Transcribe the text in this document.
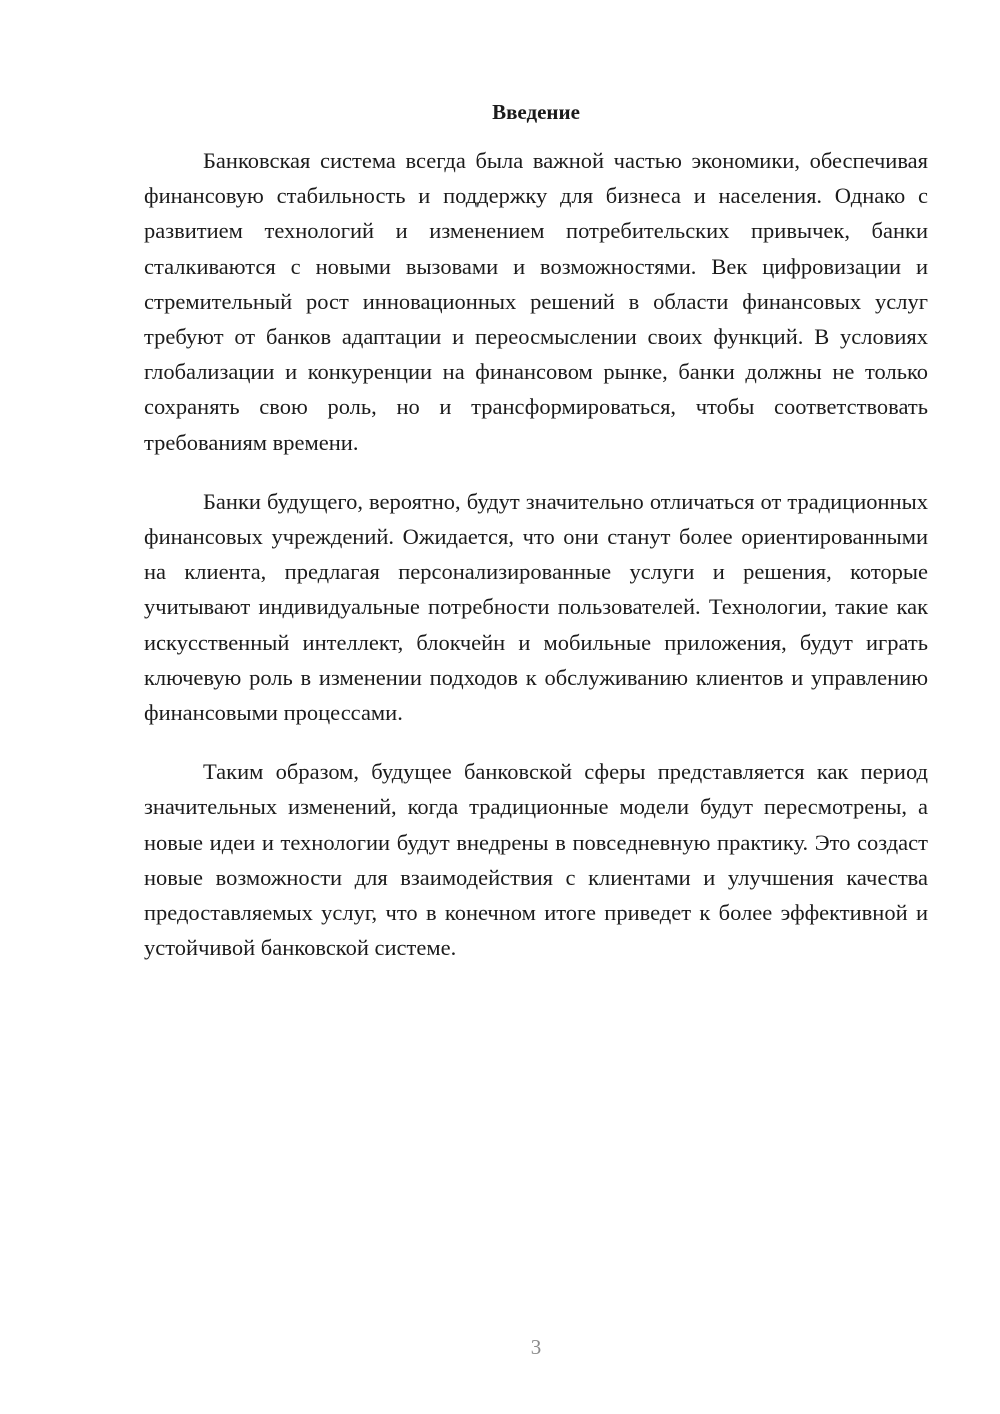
Введение

Банковская система всегда была важной частью экономики, обеспечивая финансовую стабильность и поддержку для бизнеса и населения. Однако с развитием технологий и изменением потребительских привычек, банки сталкиваются с новыми вызовами и возможностями. Век цифровизации и стремительный рост инновационных решений в области финансовых услуг требуют от банков адаптации и переосмыслении своих функций. В условиях глобализации и конкуренции на финансовом рынке, банки должны не только сохранять свою роль, но и трансформироваться, чтобы соответствовать требованиям времени.

Банки будущего, вероятно, будут значительно отличаться от традиционных финансовых учреждений. Ожидается, что они станут более ориентированными на клиента, предлагая персонализированные услуги и решения, которые учитывают индивидуальные потребности пользователей. Технологии, такие как искусственный интеллект, блокчейн и мобильные приложения, будут играть ключевую роль в изменении подходов к обслуживанию клиентов и управлению финансовыми процессами.

Таким образом, будущее банковской сферы представляется как период значительных изменений, когда традиционные модели будут пересмотрены, а новые идеи и технологии будут внедрены в повседневную практику. Это создаст новые возможности для взаимодействия с клиентами и улучшения качества предоставляемых услуг, что в конечном итоге приведет к более эффективной и устойчивой банковской системе.

3
